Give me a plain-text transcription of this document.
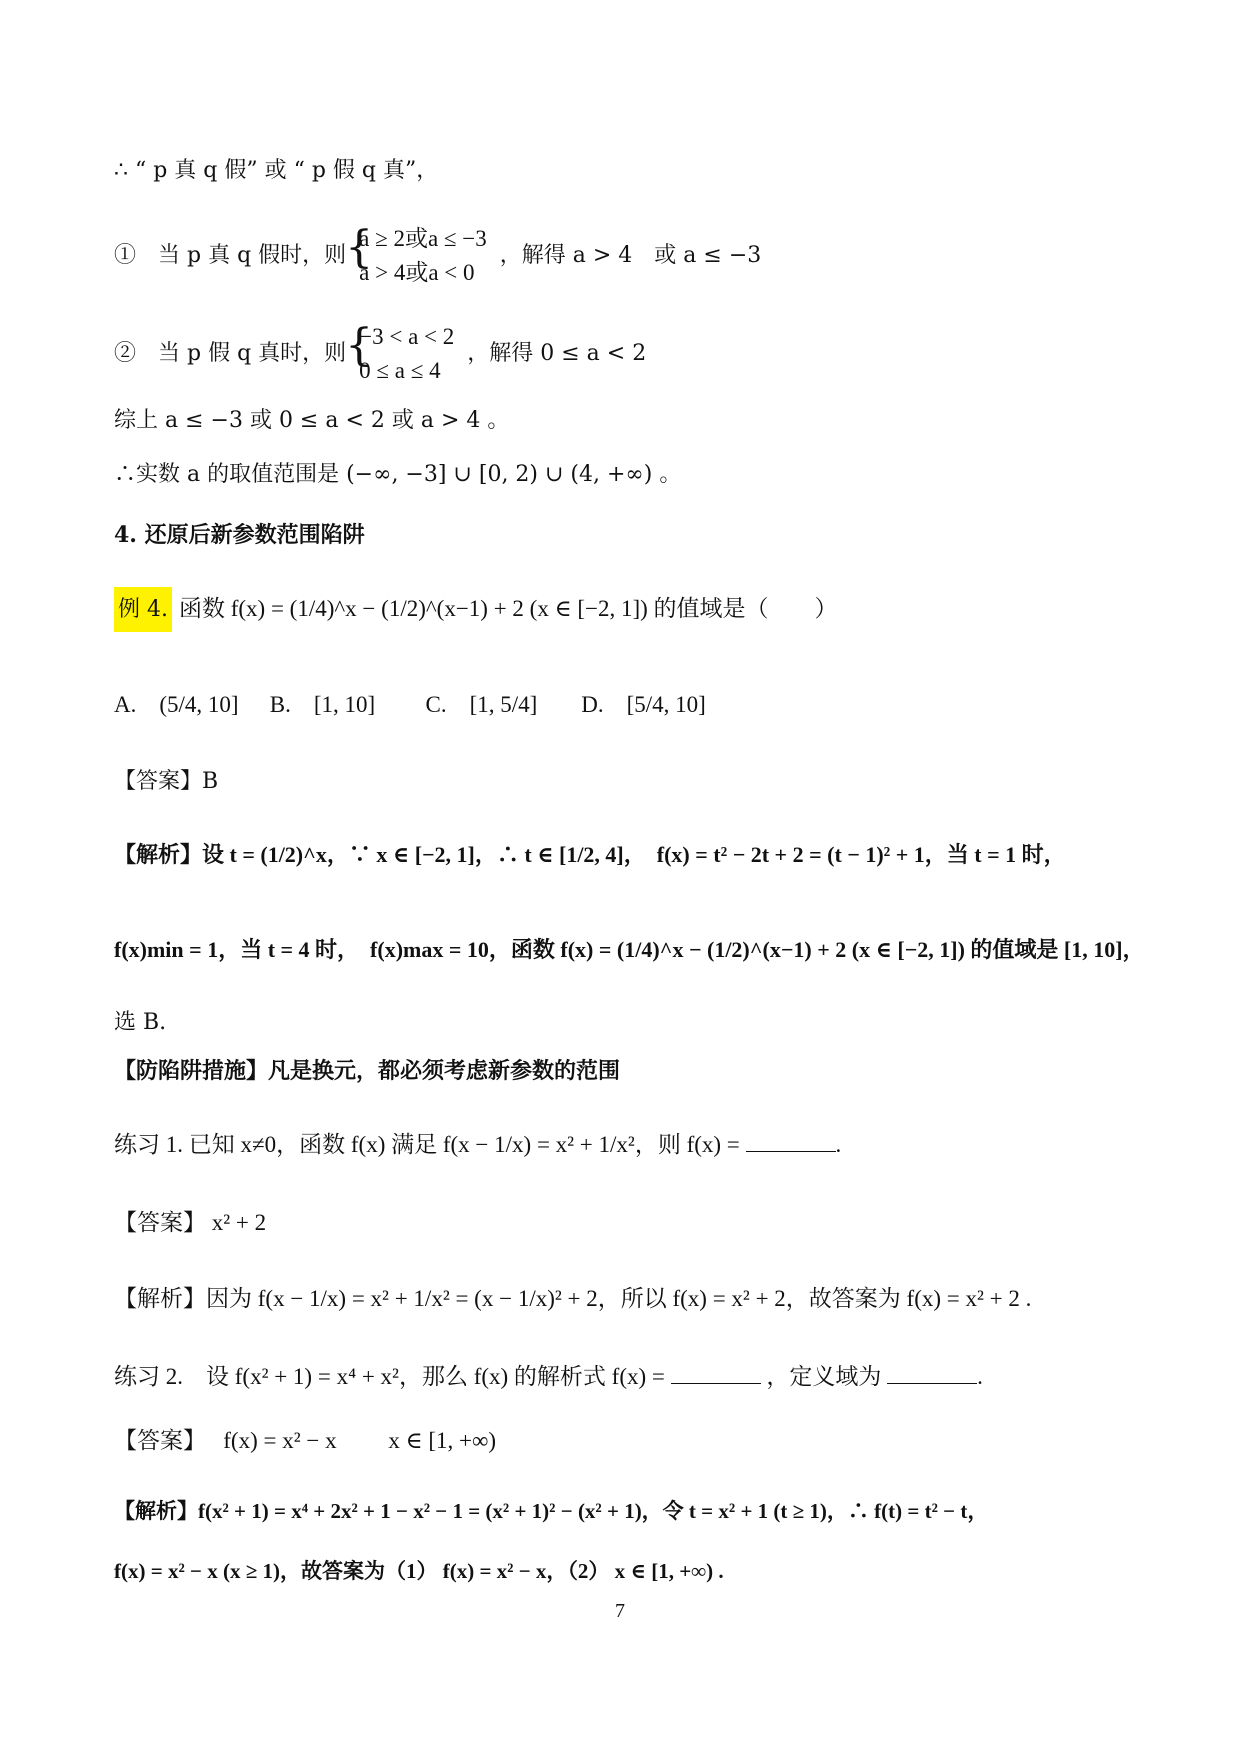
∴ “ p 真 q 假” 或 “ p 假 q 真”，
①　当 p 真 q 假时，则 {
a ≥ 2或a ≤ −3
a > 4或a < 0
，解得 a > 4　或 a ≤ −3
②　当 p 假 q 真时，则 {
−3 < a < 2
0 ≤ a ≤ 4
，解得 0 ≤ a < 2
综上 a ≤ −3 或 0 ≤ a < 2 或 a > 4 。
∴实数 a 的取值范围是 (−∞, −3] ∪ [0, 2) ∪ (4, +∞) 。
4. 还原后新参数范围陷阱
例 4. 函数 f(x) = (1/4)^x − (1/2)^(x−1) + 2 (x ∈ [−2, 1]) 的值域是（　　）
A.　(5/4, 10] B.　[1, 10] C.　[1, 5/4] D.　[5/4, 10]
【答案】B
【解析】设 t = (1/2)^x，∵ x ∈ [−2, 1]，∴ t ∈ [1/2, 4]，　f(x) = t² − 2t + 2 = (t − 1)² + 1，当 t = 1 时，
f(x)min = 1，当 t = 4 时，　f(x)max = 10，函数 f(x) = (1/4)^x − (1/2)^(x−1) + 2 (x ∈ [−2, 1]) 的值域是 [1, 10]，
选 B.
【防陷阱措施】凡是换元，都必须考虑新参数的范围
练习 1. 已知 x≠0，函数 f(x) 满足 f(x − 1/x) = x² + 1/x²，则 f(x) =	.
【答案】 x² + 2
【解析】因为 f(x − 1/x) = x² + 1/x² = (x − 1/x)² + 2，所以 f(x) = x² + 2，故答案为 f(x) = x² + 2 .
练习 2.　设 f(x² + 1) = x⁴ + x²，那么 f(x) 的解析式 f(x) =	，定义域为	.
【答案】　 f(x) = x² − x　　 x ∈ [1, +∞)
【解析】f(x² + 1) = x⁴ + 2x² + 1 − x² − 1 = (x² + 1)² − (x² + 1)，令 t = x² + 1 (t ≥ 1)，∴ f(t) = t² − t，
f(x) = x² − x (x ≥ 1)，故答案为（1） f(x) = x² − x，（2） x ∈ [1, +∞) .
7
